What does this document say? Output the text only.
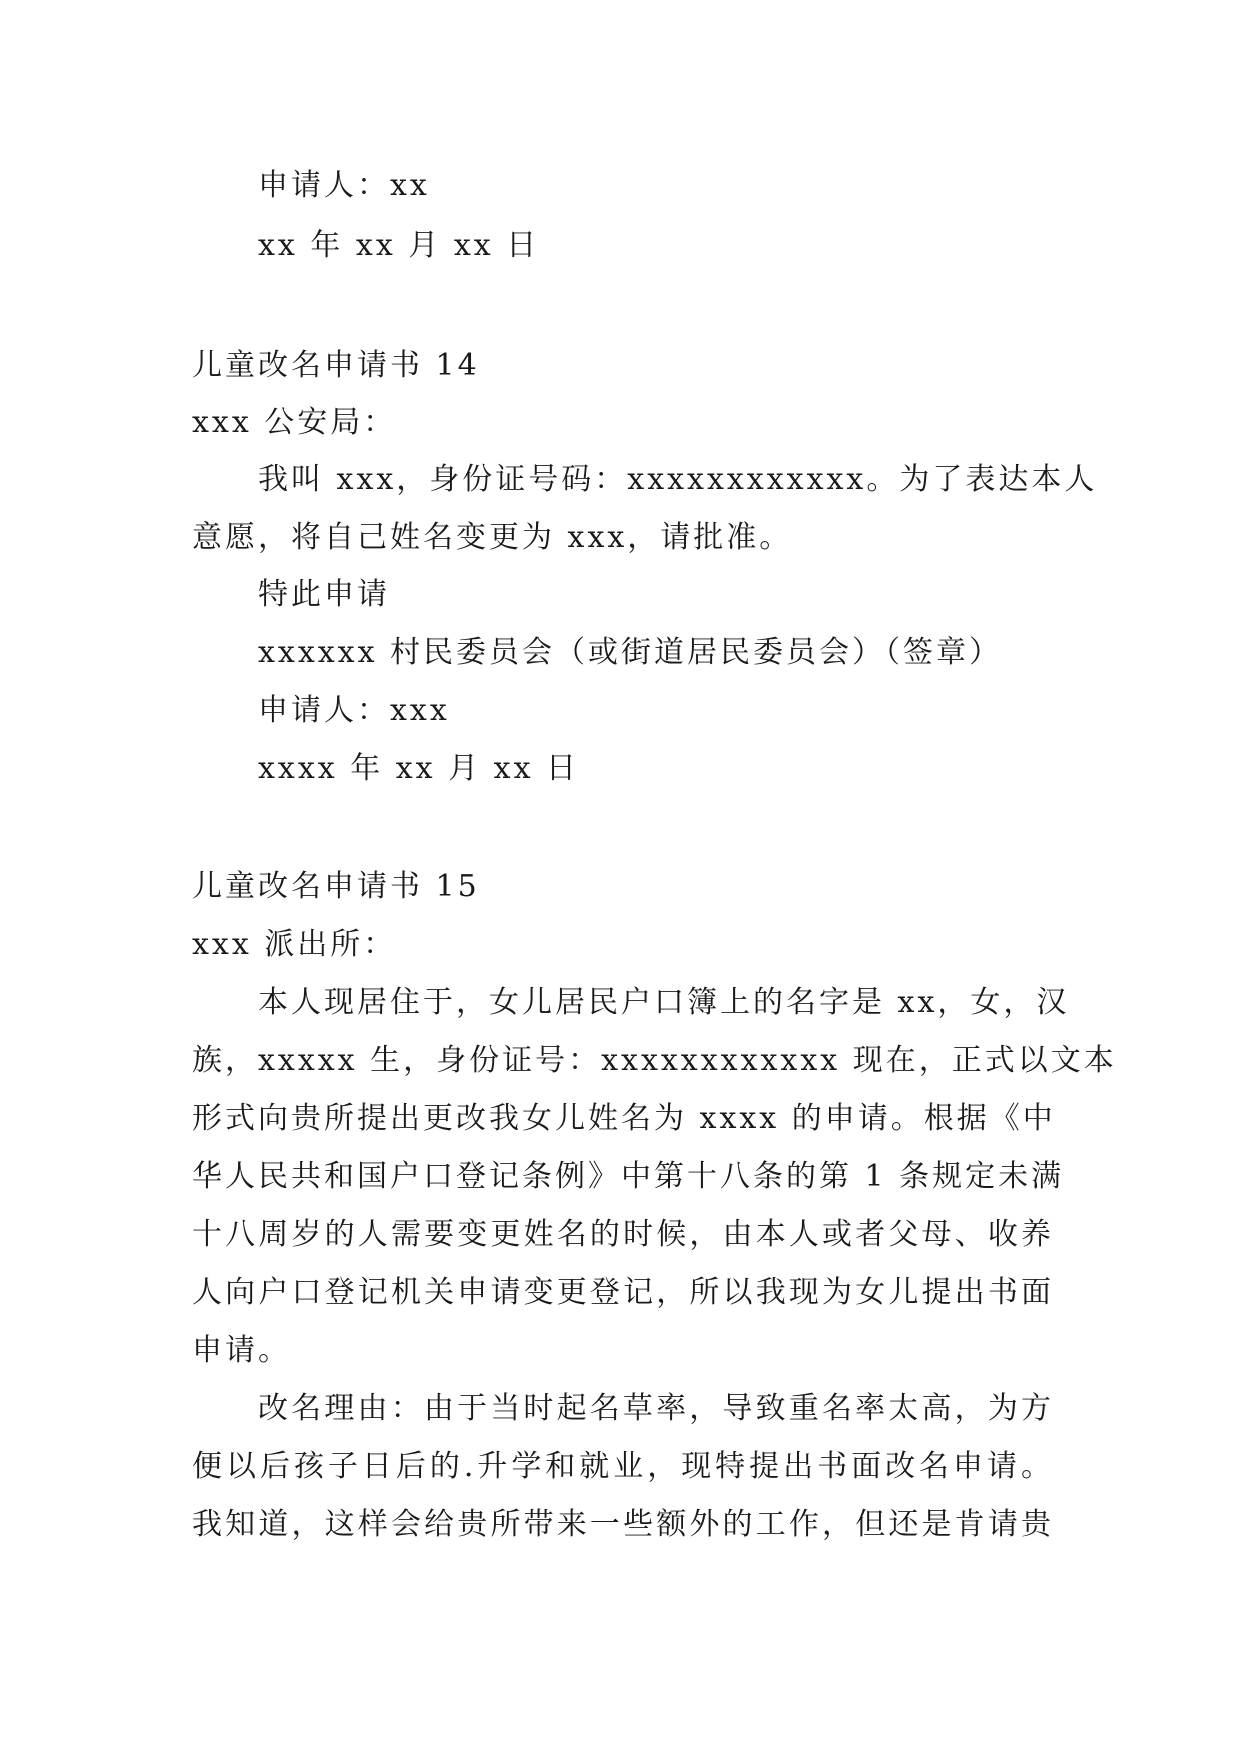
申请人：xx
xx 年 xx 月 xx 日
儿童改名申请书 14
xxx 公安局：
我叫 xxx，身份证号码：xxxxxxxxxxxx。为了表达本人
意愿，将自己姓名变更为 xxx，请批准。
特此申请
xxxxxx 村民委员会（或街道居民委员会）（签章）
申请人：xxx
xxxx 年 xx 月 xx 日
儿童改名申请书 15
xxx 派出所：
本人现居住于，女儿居民户口簿上的名字是 xx，女，汉
族，xxxxx 生，身份证号：xxxxxxxxxxxx 现在，正式以文本
形式向贵所提出更改我女儿姓名为 xxxx 的申请。根据《中
华人民共和国户口登记条例》中第十八条的第 1 条规定未满
十八周岁的人需要变更姓名的时候，由本人或者父母、收养
人向户口登记机关申请变更登记，所以我现为女儿提出书面
申请。
改名理由：由于当时起名草率，导致重名率太高，为方
便以后孩子日后的.升学和就业，现特提出书面改名申请。
我知道，这样会给贵所带来一些额外的工作，但还是肯请贵
